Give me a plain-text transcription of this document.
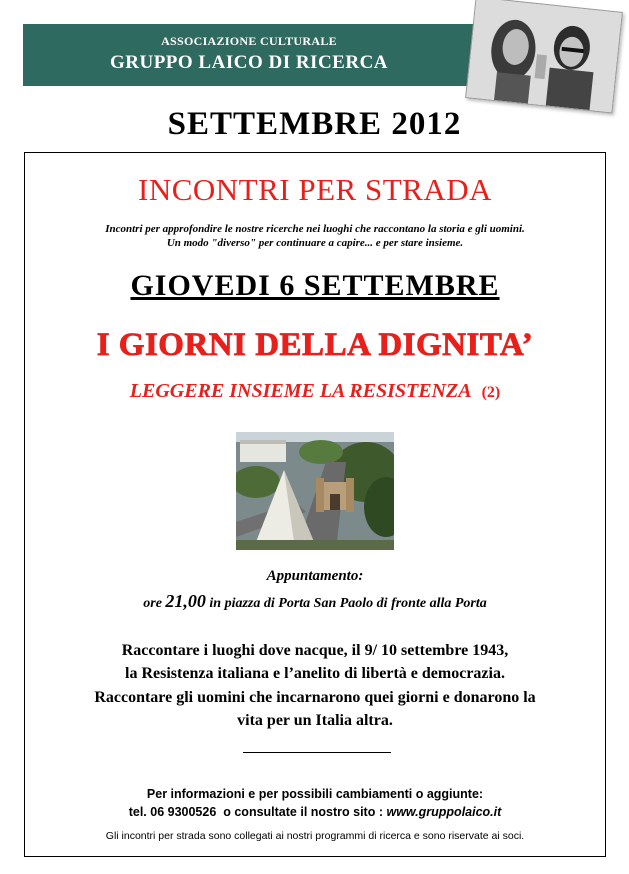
ASSOCIAZIONE CULTURALE
GRUPPO LAICO DI RICERCA
SETTEMBRE 2012
INCONTRI PER STRADA
Incontri per approfondire le nostre ricerche nei luoghi che raccontano la storia e gli uomini.
Un modo "diverso" per continuare a capire... e per stare insieme.
GIOVEDI 6 SETTEMBRE
I GIORNI DELLA DIGNITA’
LEGGERE INSIEME LA RESISTENZA (2)
Appuntamento:
ore 21,00 in piazza di Porta San Paolo di fronte alla Porta
Raccontare i luoghi dove nacque, il 9/ 10 settembre 1943,
la Resistenza italiana e l’anelito di libertà e democrazia.
Raccontare gli uomini che incarnarono quei giorni e donarono la
vita per un Italia altra.
Per informazioni e per possibili cambiamenti o aggiunte:
tel. 06 9300526 o consultate il nostro sito : www.gruppolaico.it
Gli incontri per strada sono collegati ai nostri programmi di ricerca e sono riservate ai soci.
